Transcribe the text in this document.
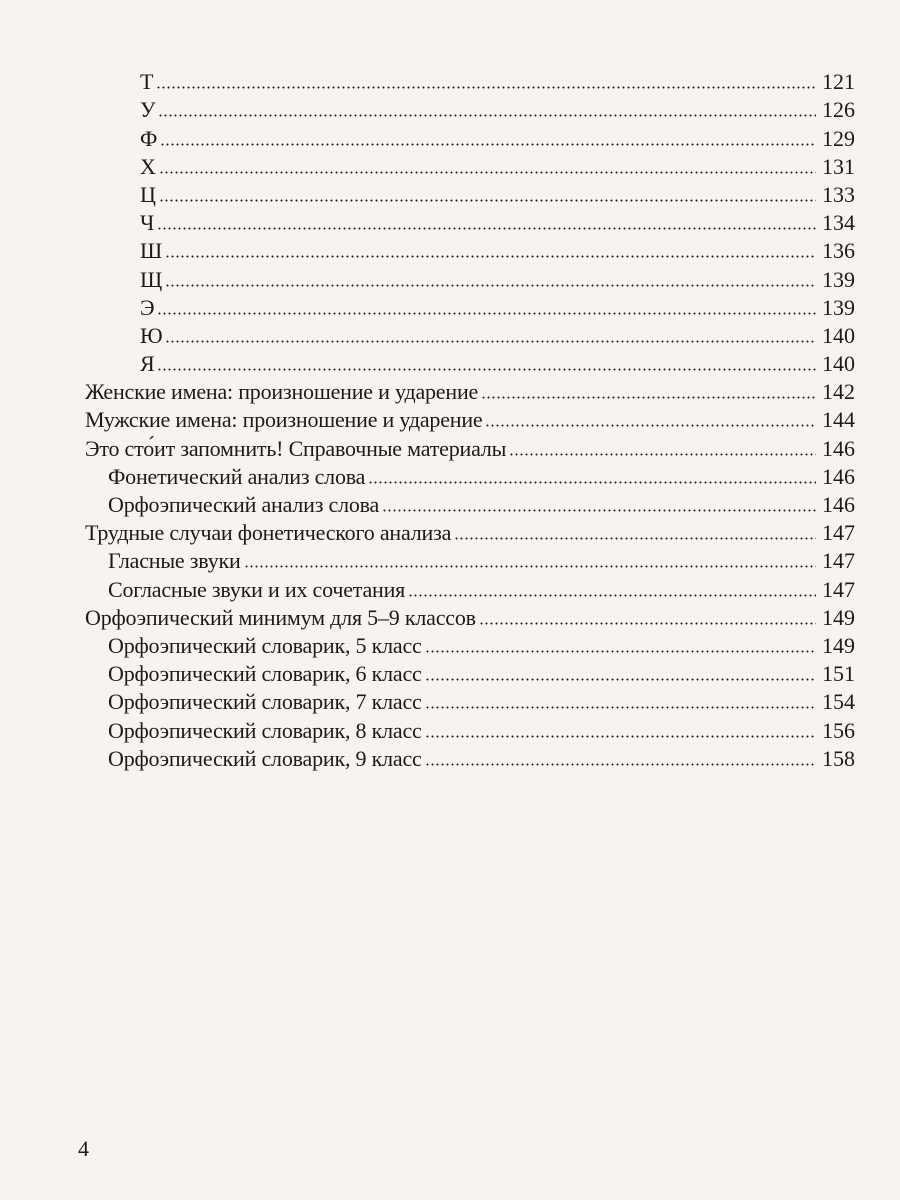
Т	121
У	126
Ф	129
Х	131
Ц	133
Ч	134
Ш	136
Щ	139
Э	139
Ю	140
Я	140
Женские имена: произношение и ударение	142
Мужские имена: произношение и ударение	144
Это сто́ит запомнить! Справочные материалы	146
Фонетический анализ слова	146
Орфоэпический анализ слова	146
Трудные случаи фонетического анализа	147
Гласные звуки	147
Согласные звуки и их сочетания	147
Орфоэпический минимум для 5–9 классов	149
Орфоэпический словарик, 5 класс	149
Орфоэпический словарик, 6 класс	151
Орфоэпический словарик, 7 класс	154
Орфоэпический словарик, 8 класс	156
Орфоэпический словарик, 9 класс	158
4
